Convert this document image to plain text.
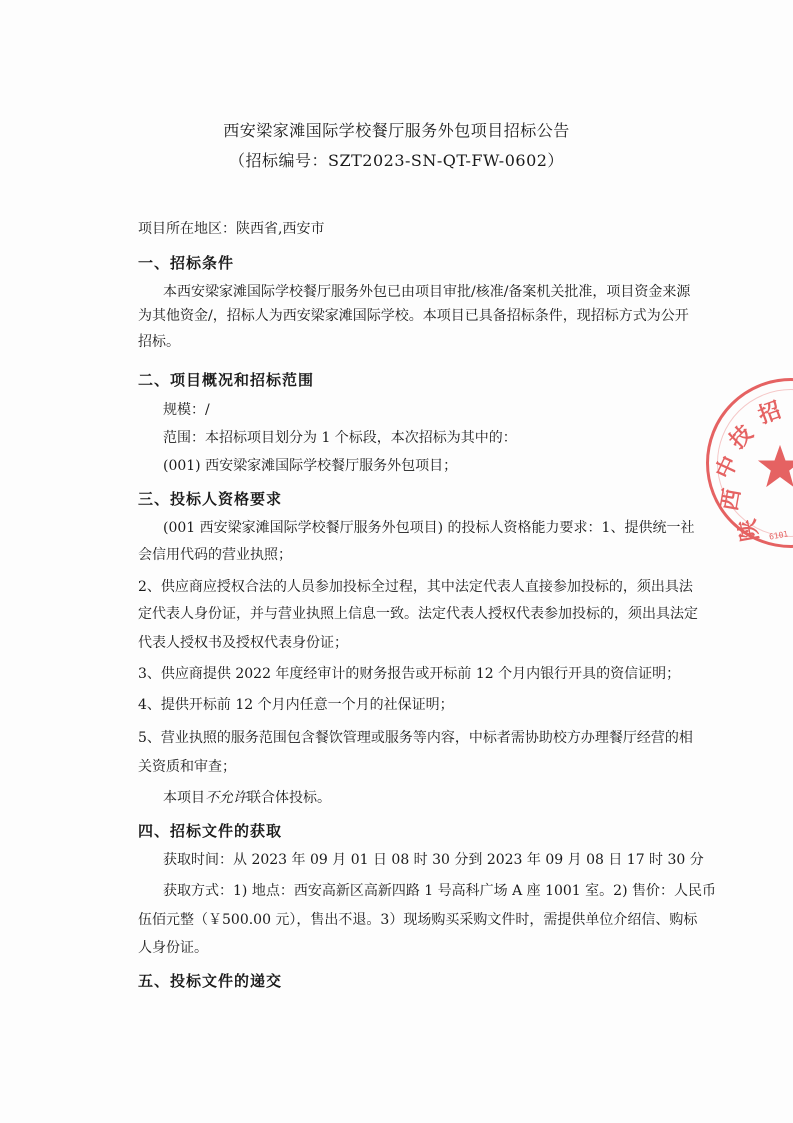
西安梁家滩国际学校餐厅服务外包项目招标公告
（招标编号：SZT2023-SN-QT-FW-0602）
项目所在地区：陕西省,西安市
一、招标条件
本西安梁家滩国际学校餐厅服务外包已由项目审批/核准/备案机关批准，项目资金来源
为其他资金/，招标人为西安梁家滩国际学校。本项目已具备招标条件，现招标方式为公开
招标。
二、项目概况和招标范围
规模：/
范围：本招标项目划分为 1 个标段，本次招标为其中的：
(001) 西安梁家滩国际学校餐厅服务外包项目；
三、投标人资格要求
(001 西安梁家滩国际学校餐厅服务外包项目) 的投标人资格能力要求：1、提供统一社
会信用代码的营业执照；
2、供应商应授权合法的人员参加投标全过程，其中法定代表人直接参加投标的，须出具法
定代表人身份证，并与营业执照上信息一致。法定代表人授权代表参加投标的，须出具法定
代表人授权书及授权代表身份证；
3、供应商提供 2022 年度经审计的财务报告或开标前 12 个月内银行开具的资信证明；
4、提供开标前 12 个月内任意一个月的社保证明；
5、营业执照的服务范围包含餐饮管理或服务等内容，中标者需协助校方办理餐厅经营的相
关资质和审查；
本项目不允许联合体投标。
四、招标文件的获取
获取时间：从 2023 年 09 月 01 日 08 时 30 分到 2023 年 09 月 08 日 17 时 30 分
获取方式：1) 地点：西安高新区高新四路 1 号高科广场 A 座 1001 室。2) 售价：人民币
伍佰元整（￥500.00 元），售出不退。3）现场购买采购文件时，需提供单位介绍信、购标
人身份证。
五、投标文件的递交
陕
西
中
技
招
6101
